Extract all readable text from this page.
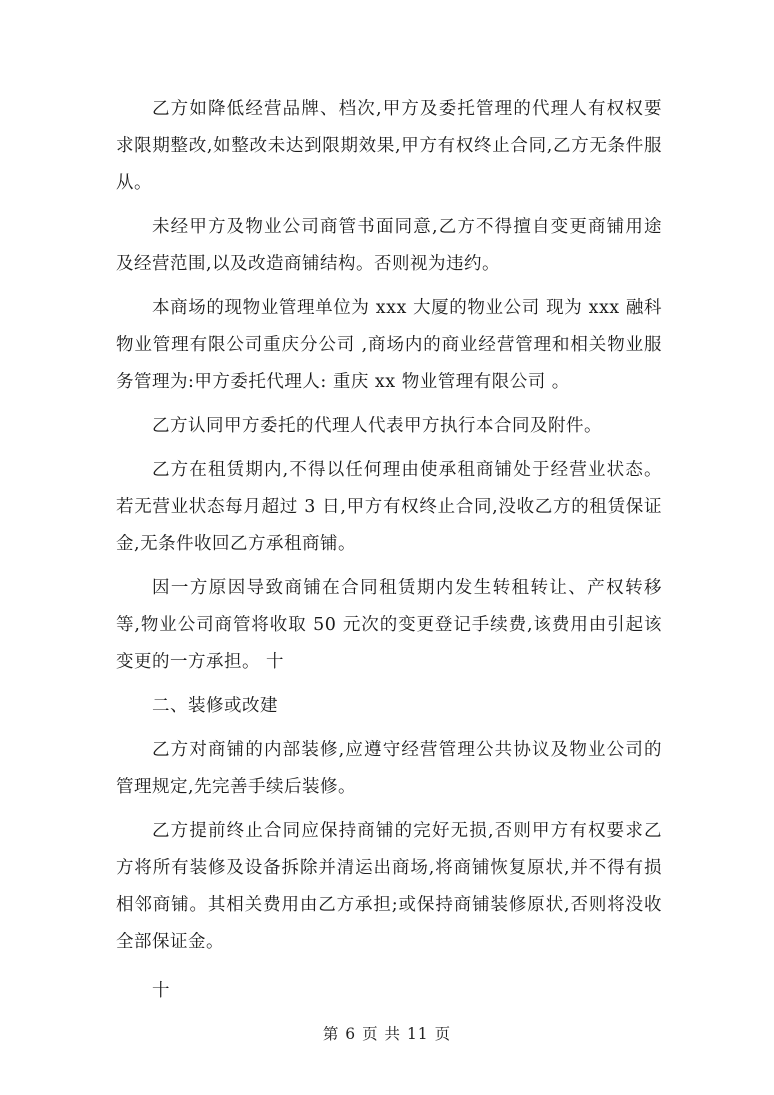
乙方如降低经营品牌、档次,甲方及委托管理的代理人有权权要求限期整改,如整改未达到限期效果,甲方有权终止合同,乙方无条件服从。

未经甲方及物业公司商管书面同意,乙方不得擅自变更商铺用途及经营范围,以及改造商铺结构。否则视为违约。

本商场的现物业管理单位为 xxx 大厦的物业公司 现为 xxx 融科物业管理有限公司重庆分公司 ,商场内的商业经营管理和相关物业服务管理为:甲方委托代理人: 重庆 xx 物业管理有限公司 。

乙方认同甲方委托的代理人代表甲方执行本合同及附件。

乙方在租赁期内,不得以任何理由使承租商铺处于经营业状态。若无营业状态每月超过 3 日,甲方有权终止合同,没收乙方的租赁保证金,无条件收回乙方承租商铺。

因一方原因导致商铺在合同租赁期内发生转租转让、产权转移等,物业公司商管将收取 50 元次的变更登记手续费,该费用由引起该变更的一方承担。 十

二、装修或改建

乙方对商铺的内部装修,应遵守经营管理公共协议及物业公司的管理规定,先完善手续后装修。

乙方提前终止合同应保持商铺的完好无损,否则甲方有权要求乙方将所有装修及设备拆除并清运出商场,将商铺恢复原状,并不得有损相邻商铺。其相关费用由乙方承担;或保持商铺装修原状,否则将没收全部保证金。

十

第 6 页 共 11 页
